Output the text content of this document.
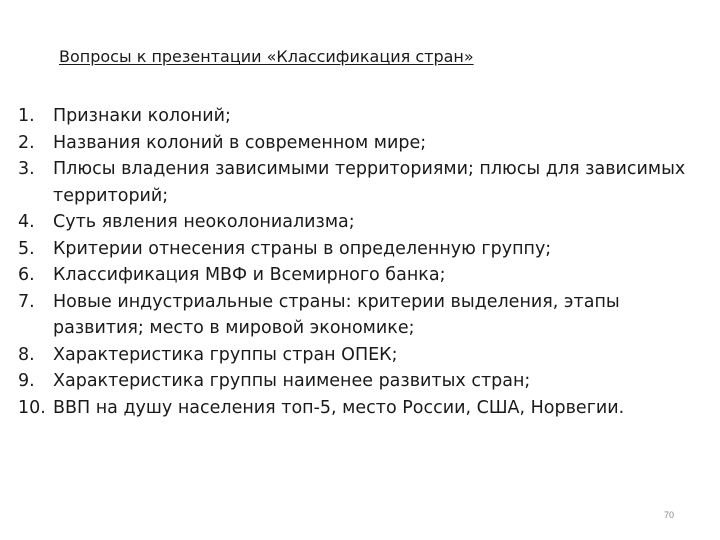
Вопросы к презентации «Классификация стран»
1. Признаки колоний;
2. Названия колоний в современном мире;
3. Плюсы владения зависимыми территориями; плюсы для зависимых территорий;
4. Суть явления неоколониализма;
5. Критерии отнесения страны в определенную группу;
6. Классификация МВФ и Всемирного банка;
7. Новые индустриальные страны: критерии выделения, этапы развития; место в мировой экономике;
8. Характеристика группы стран ОПЕК;
9. Характеристика группы наименее развитых стран;
10. ВВП на душу населения топ-5, место России, США, Норвегии.
70
